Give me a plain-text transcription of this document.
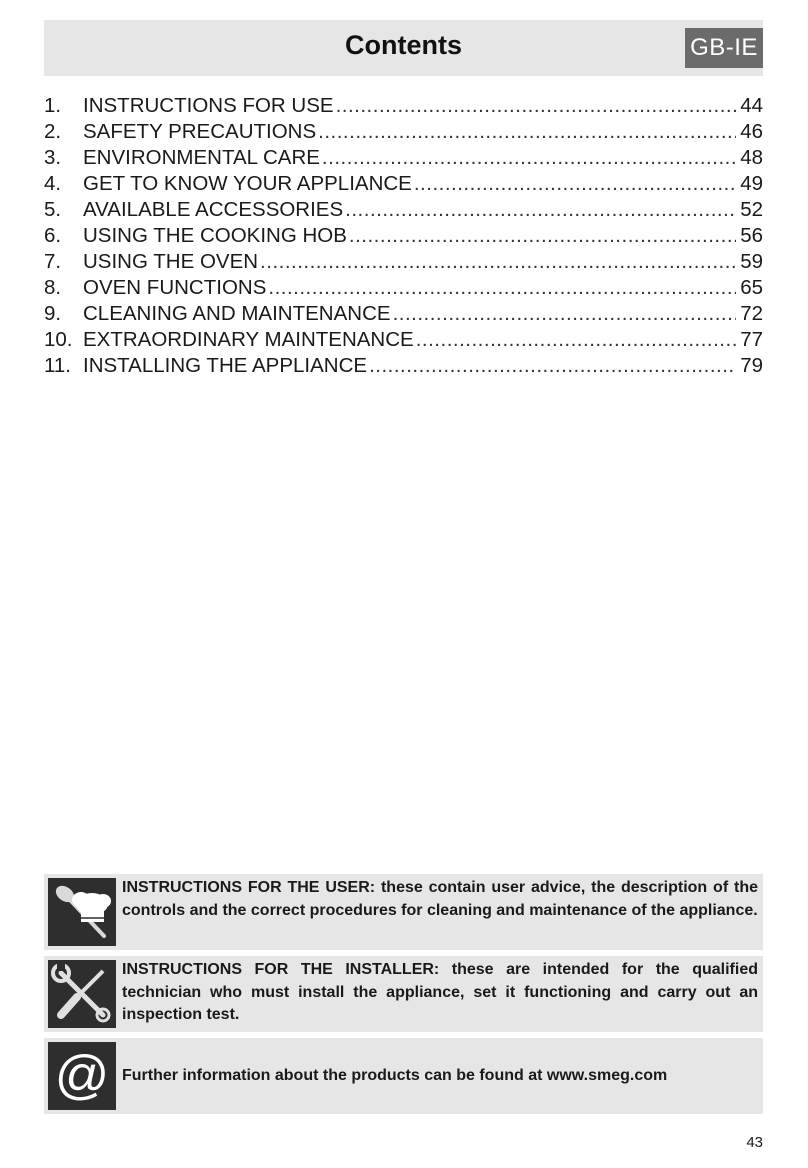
Contents	GB-IE
1.	INSTRUCTIONS FOR USE .....	44
2.	SAFETY PRECAUTIONS .....	46
3.	ENVIRONMENTAL CARE .....	48
4.	GET TO KNOW YOUR APPLIANCE .....	49
5.	AVAILABLE ACCESSORIES .....	52
6.	USING THE COOKING HOB .....	56
7.	USING THE OVEN .....	59
8.	OVEN FUNCTIONS .....	65
9.	CLEANING AND MAINTENANCE .....	72
10. EXTRAORDINARY MAINTENANCE .....	77
11. INSTALLING THE APPLIANCE .....	79
INSTRUCTIONS FOR THE USER: these contain user advice, the description of the controls and the correct procedures for cleaning and maintenance of the appliance.
INSTRUCTIONS FOR THE INSTALLER: these are intended for the qualified technician who must install the appliance, set it functioning and carry out an inspection test.
@ Further information about the products can be found at www.smeg.com
43
